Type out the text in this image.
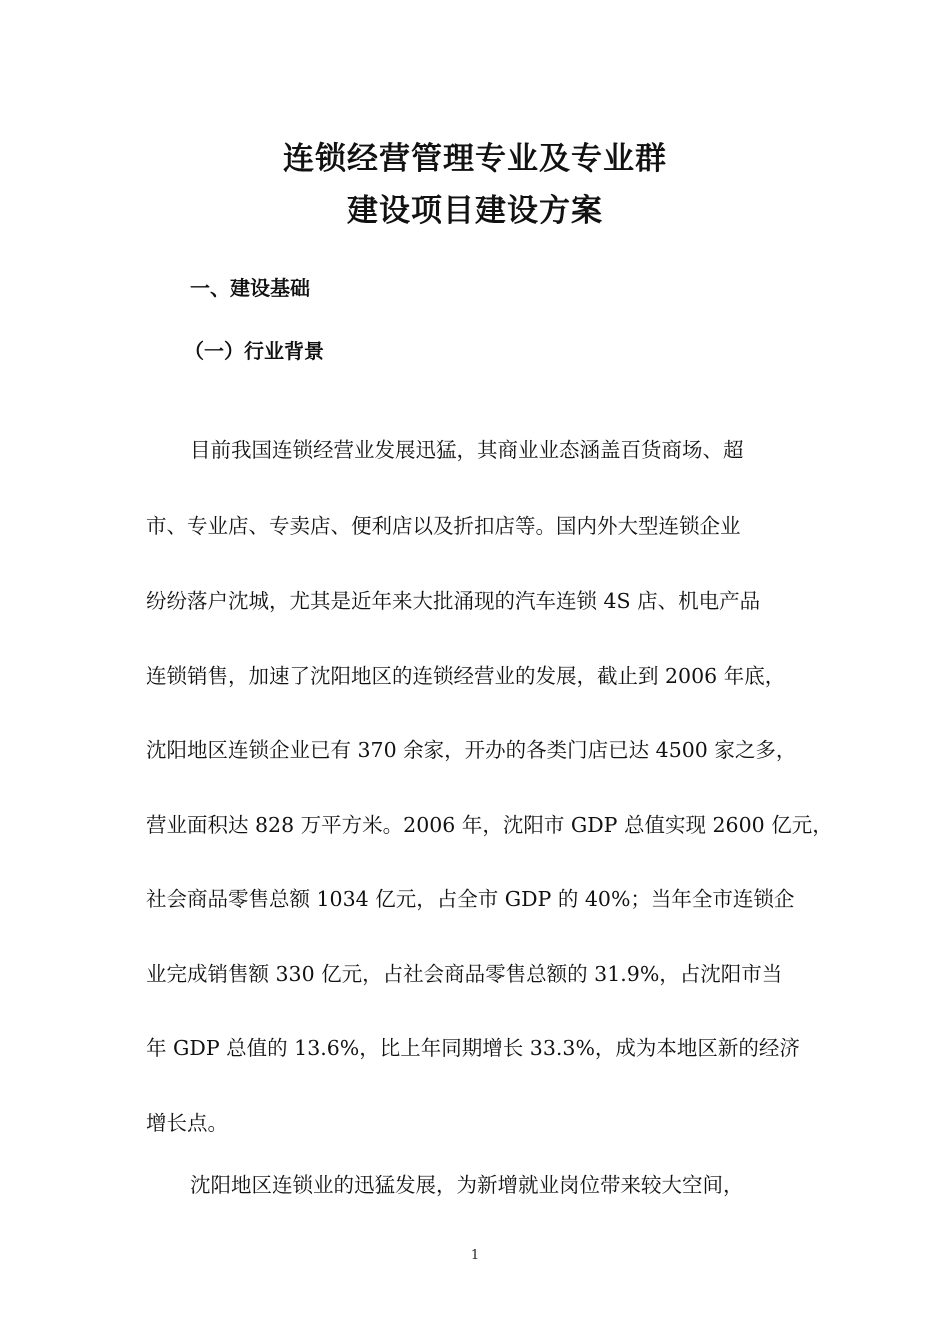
连锁经营管理专业及专业群
建设项目建设方案
一、建设基础
（一）行业背景

目前我国连锁经营业发展迅猛，其商业业态涵盖百货商场、超

市、专业店、专卖店、便利店以及折扣店等。国内外大型连锁企业

纷纷落户沈城，尤其是近年来大批涌现的汽车连锁 4S 店、机电产品

连锁销售，加速了沈阳地区的连锁经营业的发展，截止到 2006 年底，

沈阳地区连锁企业已有 370 余家，开办的各类门店已达 4500 家之多，

营业面积达 828 万平方米。2006 年，沈阳市 GDP 总值实现 2600 亿元，

社会商品零售总额 1034 亿元，占全市 GDP 的 40%；当年全市连锁企

业完成销售额 330 亿元，占社会商品零售总额的 31.9%，占沈阳市当

年 GDP 总值的 13.6%，比上年同期增长 33.3%，成为本地区新的经济

增长点。

沈阳地区连锁业的迅猛发展，为新增就业岗位带来较大空间，

1
